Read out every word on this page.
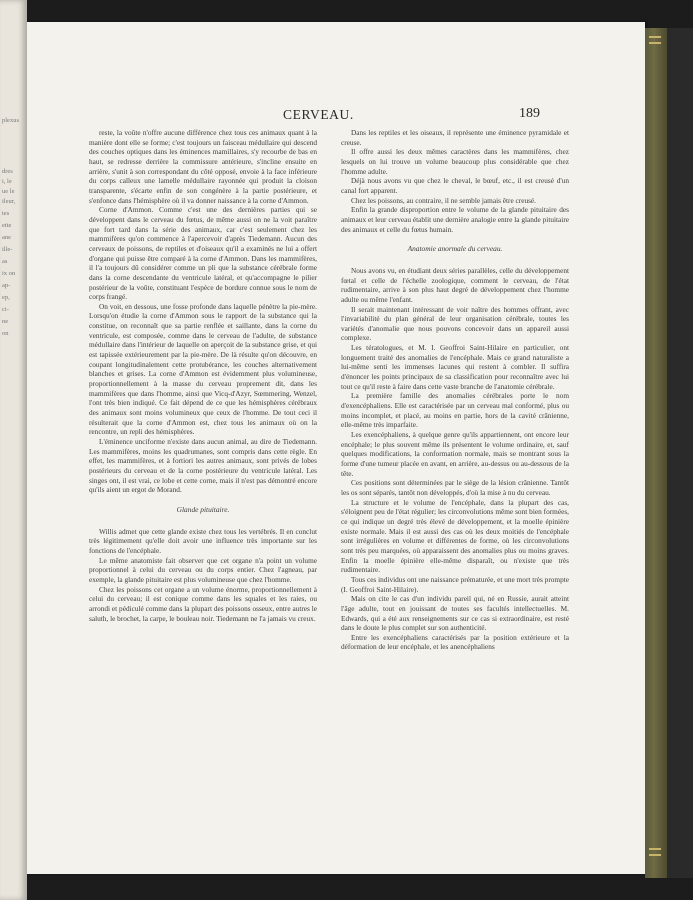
plexus
dres
i, le
ue le
ileur,
tes
ette
ane
ille-
as
ix on
ap-
ep,
ci-
ne
on
CERVEAU.	189

reste, la voûte n'offre aucune différence chez tous ces animaux quant à la manière dont elle se forme; c'est toujours un faisceau médullaire qui descend des couches optiques dans les éminences mamillaires, s'y recourbe de bas en haut, se redresse derrière la commissure antérieure, s'incline ensuite en arrière, s'unit à son correspondant du côté opposé, envoie à la face inférieure du corps calleux une lamelle médullaire rayonnée qui produit la cloison transparente, s'écarte enfin de son congénère à la partie postérieure, et s'enfonce dans l'hémisphère où il va donner naissance à la corne d'Ammon.

Corne d'Ammon. Comme c'est une des dernières parties qui se développent dans le cerveau du fœtus, de même aussi on ne la voit paraître que fort tard dans la série des animaux, car c'est seulement chez les mammifères qu'on commence à l'apercevoir d'après Tiedemann. Aucun des cerveaux de poissons, de reptiles et d'oiseaux qu'il a examinés ne lui a offert d'organe qui puisse être comparé à la corne d'Ammon. Dans les mammifères, il l'a toujours dû considérer comme un pli que la substance cérébrale forme dans la corne descendante du ventricule latéral, et qu'accompagne le pilier postérieur de la voûte, constituant l'espèce de bordure connue sous le nom de corps frangé.

On voit, en dessous, une fosse profonde dans laquelle pénètre la pie-mère. Lorsqu'on étudie la corne d'Ammon sous le rapport de la substance qui la constitue, on reconnaît que sa partie renflée et saillante, dans la corne du ventricule, est composée, comme dans le cerveau de l'adulte, de substance médullaire dans l'intérieur de laquelle on aperçoit de la substance grise, et qui est tapissée extérieurement par la pie-mère. De là résulte qu'on découvre, en coupant longitudinalement cette protubérance, les couches alternativement blanches et grises. La corne d'Ammon est évidemment plus volumineuse, proportionnellement à la masse du cerveau proprement dit, dans les mammifères que dans l'homme, ainsi que Vicq-d'Azyr, Sœmmering, Wenzel, l'ont très bien indiqué. Ce fait dépend de ce que les hémisphères cérébraux des animaux sont moins volumineux que ceux de l'homme. De tout ceci il résulterait que la corne d'Ammon est, chez tous les animaux où on la rencontre, un repli des hémisphères.

L'éminence unciforme n'existe dans aucun animal, au dire de Tiedemann. Les mammifères, moins les quadrumanes, sont compris dans cette règle. En effet, les mammifères, et à fortiori les autres animaux, sont privés de lobes postérieurs du cerveau et de la corne postérieure du ventricule latéral. Les singes ont, il est vrai, ce lobe et cette corne, mais il n'est pas démontré encore qu'ils aient un ergot de Morand.

Glande pituitaire.

Willis admet que cette glande existe chez tous les vertébrés. Il en conclut très légitimement qu'elle doit avoir une influence très importante sur les fonctions de l'encéphale.

Le même anatomiste fait observer que cet organe n'a point un volume proportionnel à celui du cerveau ou du corps entier. Chez l'agneau, par exemple, la glande pituitaire est plus volumineuse que chez l'homme.

Chez les poissons cet organe a un volume énorme, proportionnellement à celui du cerveau; il est conique comme dans les squales et les raies, ou arrondi et pédiculé comme dans la plupart des poissons osseux, entre autres le saluth, le brochet, la carpe, le bouleau noir. Tiedemann ne l'a jamais vu creux.

Dans les reptiles et les oiseaux, il représente une éminence pyramidale et creuse.

Il offre aussi les deux mêmes caractères dans les mammifères, chez lesquels on lui trouve un volume beaucoup plus considérable que chez l'homme adulte.

Déjà nous avons vu que chez le cheval, le bœuf, etc., il est creusé d'un canal fort apparent.

Chez les poissons, au contraire, il ne semble jamais être creusé.

Enfin la grande disproportion entre le volume de la glande pituitaire des animaux et leur cerveau établit une dernière analogie entre la glande pituitaire des animaux et celle du fœtus humain.

Anatomie anormale du cerveau.

Nous avons vu, en étudiant deux séries parallèles, celle du développement fœtal et celle de l'échelle zoologique, comment le cerveau, de l'état rudimentaire, arrive à son plus haut degré de développement chez l'homme adulte ou même l'enfant.

Il serait maintenant intéressant de voir naître des hommes offrant, avec l'invariabilité du plan général de leur organisation cérébrale, toutes les variétés d'anomalie que nous pouvons concevoir dans un appareil aussi complexe.

Les tératologues, et M. I. Geoffroi Saint-Hilaire en particulier, ont longuement traité des anomalies de l'encéphale. Mais ce grand naturaliste a lui-même senti les immenses lacunes qui restent à combler. Il suffira d'énoncer les points principaux de sa classification pour reconnaître avec lui tout ce qu'il reste à faire dans cette vaste branche de l'anatomie cérébrale.

La première famille des anomalies cérébrales porte le nom d'exencéphaliens. Elle est caractérisée par un cerveau mal conformé, plus ou moins incomplet, et placé, au moins en partie, hors de la cavité crânienne, elle-même très imparfaite.

Les exencéphaliens, à quelque genre qu'ils appartiennent, ont encore leur encéphale; le plus souvent même ils présentent le volume ordinaire, et, sauf quelques modifications, la conformation normale, mais se montrant sous la forme d'une tumeur placée en avant, en arrière, au-dessus ou au-dessous de la tête.

Ces positions sont déterminées par le siège de la lésion crânienne. Tantôt les os sont séparés, tantôt non développés, d'où la mise à nu du cerveau.

La structure et le volume de l'encéphale, dans la plupart des cas, s'éloignent peu de l'état régulier; les circonvolutions même sont bien formées, ce qui indique un degré très élevé de développement, et la moelle épinière existe normale. Mais il est aussi des cas où les deux moitiés de l'encéphale sont irrégulières en volume et différentes de forme, où les circonvolutions sont très peu marquées, où apparaissent des anomalies plus ou moins graves. Enfin la moelle épinière elle-même disparaît, ou n'existe que très rudimentaire.

Tous ces individus ont une naissance prématurée, et une mort très prompte (I. Geoffroi Saint-Hilaire).

Mais on cite le cas d'un individu pareil qui, né en Russie, aurait atteint l'âge adulte, tout en jouissant de toutes ses facultés intellectuelles. M. Edwards, qui a été aux renseignements sur ce cas si extraordinaire, est resté dans le doute le plus complet sur son authenticité.

Entre les exencéphaliens caractérisés par la position extérieure et la déformation de leur encéphale, et les anencéphaliens
